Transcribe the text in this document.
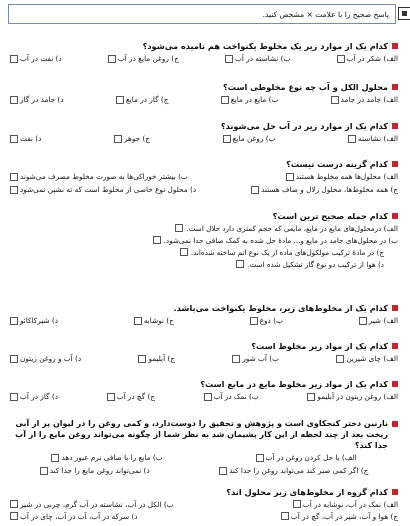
پاسخ صحیح را با علامت × مشخص کنید.
کدام یک از موارد زیر یک مخلوط یکنواخت هم نامیده می‌شود؟
الف) شکر در آب
ب) نشاسته در آب
ج) روغن مایع در آب
د) نفت در آب
محلول الکل و آب چه نوع مخلوطی است؟
الف) جامد در جامد
ب) مایع در مایع
ج) گاز در مایع
د) جامد در گاز
کدام یک از موارد زیر در آب حل می‌شوند؟
الف) نشاسته
ب) روغن مایع
ج) جوهر
د) نفت
کدام گزینه درست نیست؟
الف) محلول‌ها همه مخلوط هستند
ب) بیشتر خوراکی‌ها به صورت مخلوط مصرف می‌شوند
ج) همه مخلوط‌ها، محلول زلال و صاف هستند
د) محلول نوع خاصی از مخلوط است که ته نشین نمی‌شود
کدام جمله صحیح ترین است؟
الف) درمحلول‌های مایع در مایع، مایعی که حجم کمتری دارد حلال است.
ب) در محلول‌های جامد در مایع و... مادهٔ حل شده به کمک صافی جدا نمی‌شود.
ج) در مادهٔ ترکیب مولکول‌های ماده از یک نوع اتم ساخته شده‌اند.
د) هوا از ترکیب دو نوع گاز تشکیل شده است.
کدام یک از مخلوط‌های زیر، مخلوط یکنواخت می‌باشد.
الف) شیر
ب) دوغ
ج) نوشابه
د) شیرکاکائو
کدام یک از مواد زیر مخلوط است؟
الف) چای شیرین
ب) آب شور
ج) آبلیمو
د) آب و روغن زیتون
کدام یک از مواد زیر مخلوط مایع در مایع است؟
الف) روغن زیتون در آبلیمو
ب) نمک در آب
ج) گچ در آب
د) گاز در آب
نازنین دختر کنجکاوی است و پژوهش و تحقیق را دوست‌دارد، و کمی روغن را در لیوان پر از آبی ریخت بعد از چند لحظه از این کار پشیمان شد به نظر شما از چگونه می‌تواند روغن مایع را از آب جدا کند؟
الف) با حل کردن روغن در آب
ب) مایع را با صافی نرم عبور دهد
ج) اگر کمی صبر کند می‌تواند روغن را جدا کند
د) نمی‌تواند روغن مایع را جدا کند
کدام گروه از مخلوط‌های زیر محلول اند؟
الف) نمک در آب، نوشابه در آب
ب) الکل در آب، نشاسته در آب گرم، چربی در شیر
ج) هوا و آب، شیر در آب، گچ در آب
د) سرکه در آب، آب در آب، چای در آب
